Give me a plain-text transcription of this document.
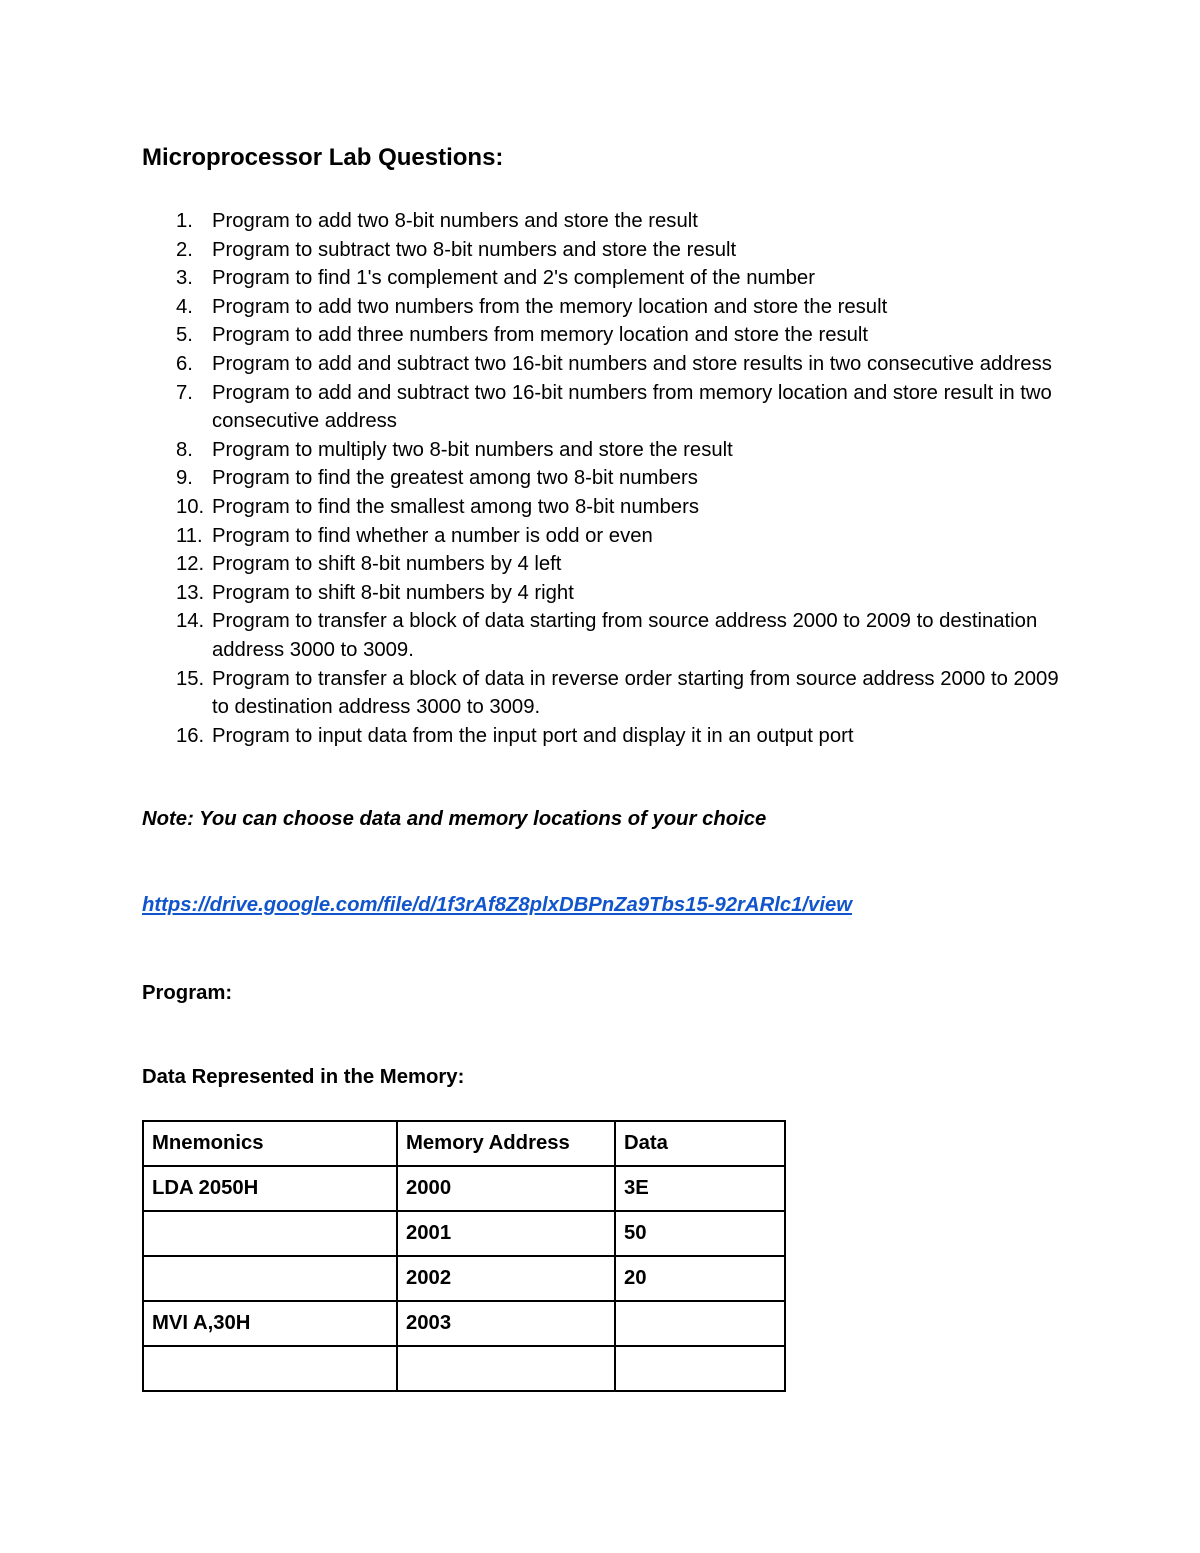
Microprocessor Lab Questions:
1. Program to add two 8-bit numbers and store the result
2. Program to subtract two 8-bit numbers and store the result
3. Program to find 1's complement and 2's complement of the number
4. Program to add two numbers from the memory location and store the result
5. Program to add three numbers from memory location and store the result
6. Program to add and subtract two 16-bit numbers and store results in two consecutive address
7. Program to add and subtract two 16-bit numbers from memory location and store result in two consecutive address
8. Program to multiply two 8-bit numbers and store the result
9. Program to find the greatest among two 8-bit numbers
10. Program to find the smallest among two 8-bit numbers
11. Program to find whether a number is odd or even
12. Program to shift 8-bit numbers by 4 left
13. Program to shift 8-bit numbers by 4 right
14. Program to transfer a block of data starting from source address 2000 to 2009 to destination address 3000 to 3009.
15. Program to transfer a block of data in reverse order starting from source address 2000 to 2009 to destination address 3000 to 3009.
16. Program to input data from the input port and display it in an output port
Note: You can choose data and memory locations of your choice
https://drive.google.com/file/d/1f3rAf8Z8plxDBPnZa9Tbs15-92rARlc1/view
Program:
Data Represented in the Memory:
Mnemonics	Memory Address	Data
LDA 2050H	2000	3E
	2001	50
	2002	20
MVI A,30H	2003	
